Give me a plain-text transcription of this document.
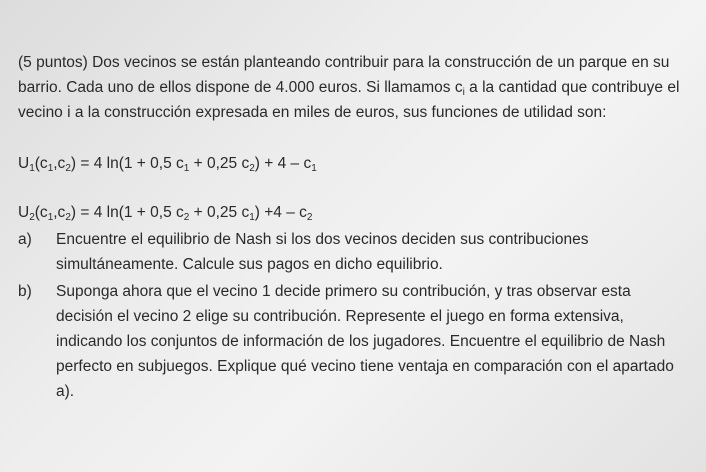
(5 puntos) Dos vecinos se están planteando contribuir para la construcción de un parque en su barrio. Cada uno de ellos dispone de 4.000 euros. Si llamamos $c_i$ a la cantidad que contribuye el vecino i a la construcción expresada en miles de euros, sus funciones de utilidad son:

$U_1(c_1,c_2) = 4$ ln(1 + 0,5 $c_1 + 0,25$ $c_2) + 4 - c_1$

$U_2(c_1,c_2) = 4$ ln(1 + 0,5 $c_2 + 0,25$ $c_1) +4 - c_2$

a)	Encuentre el equilibrio de Nash si los dos vecinos deciden sus contribuciones simultáneamente. Calcule sus pagos en dicho equilibrio.

b)	Suponga ahora que el vecino 1 decide primero su contribución, y tras observar esta decisión el vecino 2 elige su contribución. Represente el juego en forma extensiva, indicando los conjuntos de información de los jugadores. Encuentre el equilibrio de Nash perfecto en subjuegos. Explique qué vecino tiene ventaja en comparación con el apartado a).
